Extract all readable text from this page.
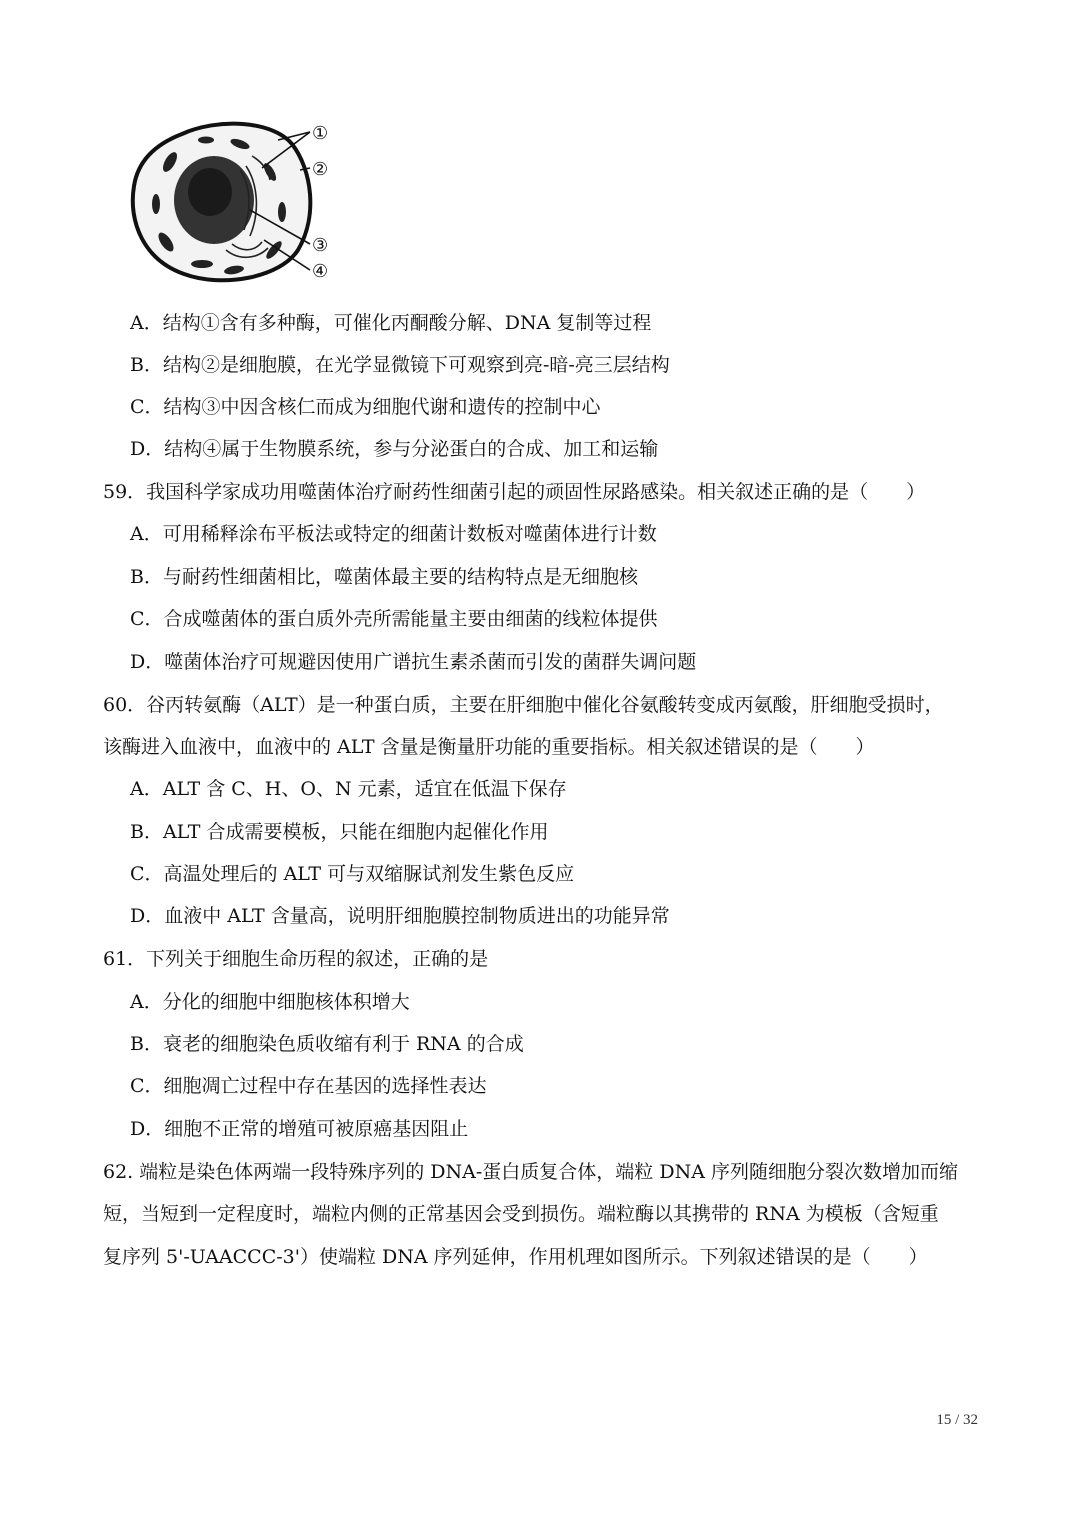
①
②
③
④
A．结构①含有多种酶，可催化丙酮酸分解、DNA 复制等过程
B．结构②是细胞膜，在光学显微镜下可观察到亮-暗-亮三层结构
C．结构③中因含核仁而成为细胞代谢和遗传的控制中心
D．结构④属于生物膜系统，参与分泌蛋白的合成、加工和运输
59．我国科学家成功用噬菌体治疗耐药性细菌引起的顽固性尿路感染。相关叙述正确的是（　　）
A．可用稀释涂布平板法或特定的细菌计数板对噬菌体进行计数
B．与耐药性细菌相比，噬菌体最主要的结构特点是无细胞核
C．合成噬菌体的蛋白质外壳所需能量主要由细菌的线粒体提供
D．噬菌体治疗可规避因使用广谱抗生素杀菌而引发的菌群失调问题
60．谷丙转氨酶（ALT）是一种蛋白质，主要在肝细胞中催化谷氨酸转变成丙氨酸，肝细胞受损时，
该酶进入血液中，血液中的 ALT 含量是衡量肝功能的重要指标。相关叙述错误的是（　　）
A．ALT 含 C、H、O、N 元素，适宜在低温下保存
B．ALT 合成需要模板，只能在细胞内起催化作用
C．高温处理后的 ALT 可与双缩脲试剂发生紫色反应
D．血液中 ALT 含量高，说明肝细胞膜控制物质进出的功能异常
61．下列关于细胞生命历程的叙述，正确的是
A．分化的细胞中细胞核体积增大
B．衰老的细胞染色质收缩有利于 RNA 的合成
C．细胞凋亡过程中存在基因的选择性表达
D．细胞不正常的增殖可被原癌基因阻止
62. 端粒是染色体两端一段特殊序列的 DNA-蛋白质复合体，端粒 DNA 序列随细胞分裂次数增加而缩
短，当短到一定程度时，端粒内侧的正常基因会受到损伤。端粒酶以其携带的 RNA 为模板（含短重
复序列 5'-UAACCC-3'）使端粒 DNA 序列延伸，作用机理如图所示。下列叙述错误的是（　　）
15 / 32
